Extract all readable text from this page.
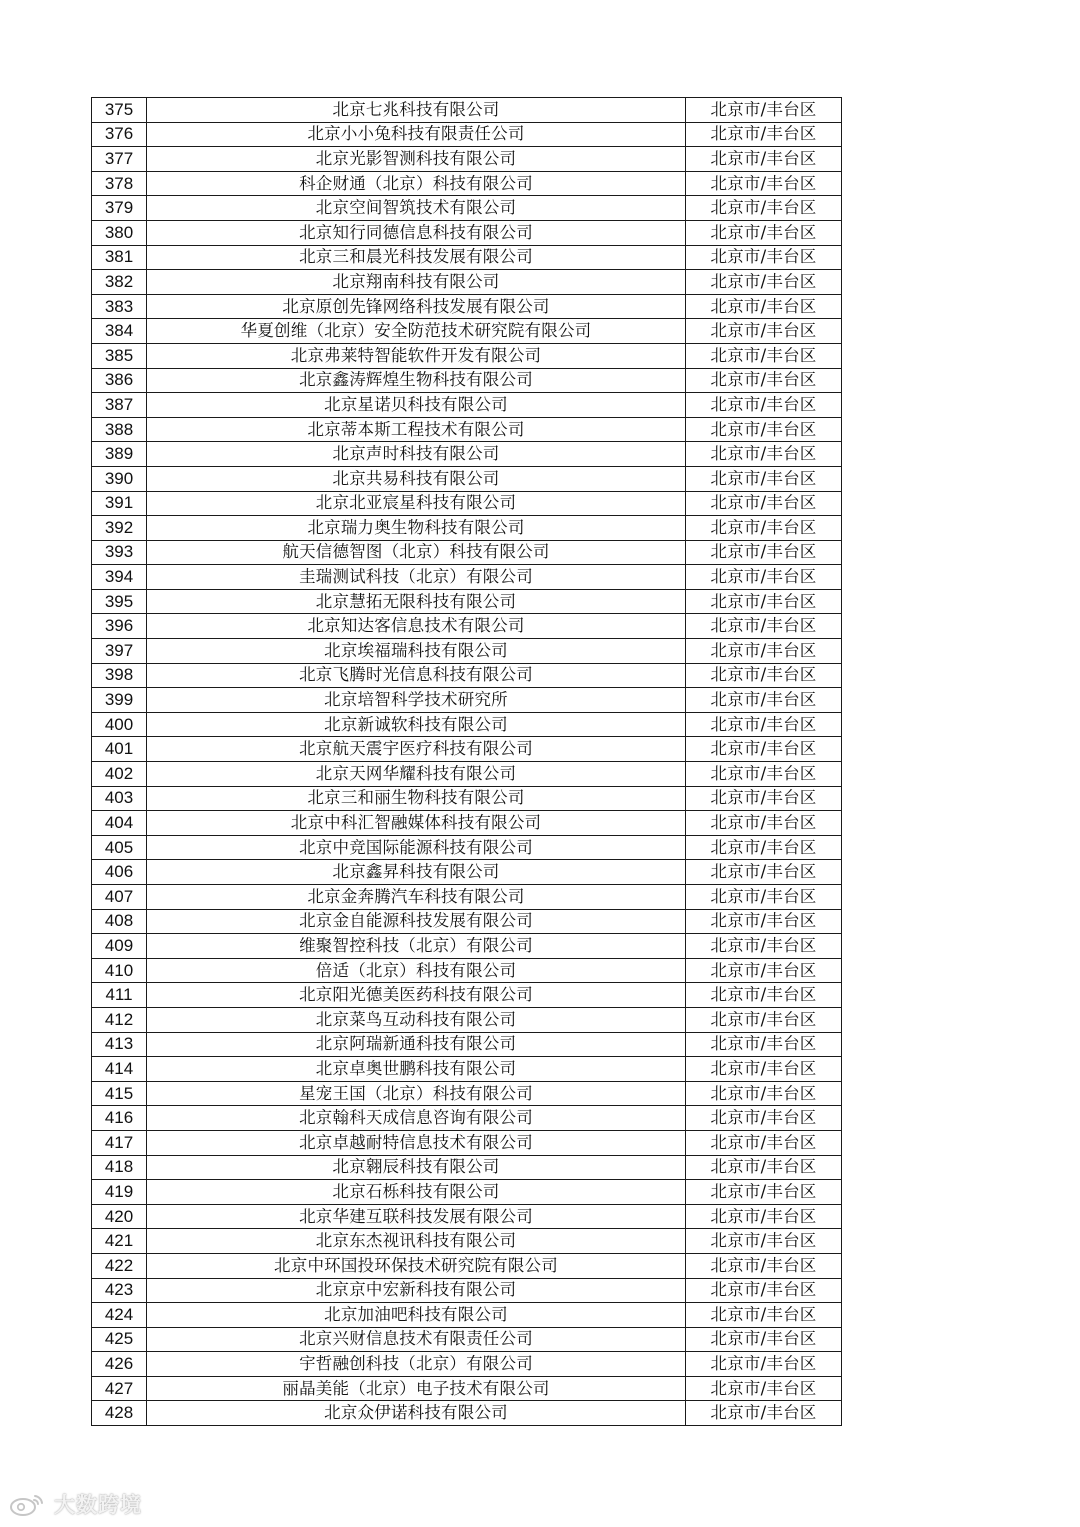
375	北京七兆科技有限公司	北京市/丰台区
376	北京小小兔科技有限责任公司	北京市/丰台区
377	北京光影智测科技有限公司	北京市/丰台区
378	科企财通（北京）科技有限公司	北京市/丰台区
379	北京空间智筑技术有限公司	北京市/丰台区
380	北京知行同德信息科技有限公司	北京市/丰台区
381	北京三和晨光科技发展有限公司	北京市/丰台区
382	北京翔南科技有限公司	北京市/丰台区
383	北京原创先锋网络科技发展有限公司	北京市/丰台区
384	华夏创维（北京）安全防范技术研究院有限公司	北京市/丰台区
385	北京弗莱特智能软件开发有限公司	北京市/丰台区
386	北京鑫涛辉煌生物科技有限公司	北京市/丰台区
387	北京星诺贝科技有限公司	北京市/丰台区
388	北京蒂本斯工程技术有限公司	北京市/丰台区
389	北京声时科技有限公司	北京市/丰台区
390	北京共易科技有限公司	北京市/丰台区
391	北京北亚宸星科技有限公司	北京市/丰台区
392	北京瑞力奥生物科技有限公司	北京市/丰台区
393	航天信德智图（北京）科技有限公司	北京市/丰台区
394	圭瑞测试科技（北京）有限公司	北京市/丰台区
395	北京慧拓无限科技有限公司	北京市/丰台区
396	北京知达客信息技术有限公司	北京市/丰台区
397	北京埃福瑞科技有限公司	北京市/丰台区
398	北京飞腾时光信息科技有限公司	北京市/丰台区
399	北京培智科学技术研究所	北京市/丰台区
400	北京新诚软科技有限公司	北京市/丰台区
401	北京航天震宇医疗科技有限公司	北京市/丰台区
402	北京天网华耀科技有限公司	北京市/丰台区
403	北京三和丽生物科技有限公司	北京市/丰台区
404	北京中科汇智融媒体科技有限公司	北京市/丰台区
405	北京中竞国际能源科技有限公司	北京市/丰台区
406	北京鑫昇科技有限公司	北京市/丰台区
407	北京金奔腾汽车科技有限公司	北京市/丰台区
408	北京金自能源科技发展有限公司	北京市/丰台区
409	维聚智控科技（北京）有限公司	北京市/丰台区
410	倍适（北京）科技有限公司	北京市/丰台区
411	北京阳光德美医药科技有限公司	北京市/丰台区
412	北京菜鸟互动科技有限公司	北京市/丰台区
413	北京阿瑞新通科技有限公司	北京市/丰台区
414	北京卓奥世鹏科技有限公司	北京市/丰台区
415	星宠王国（北京）科技有限公司	北京市/丰台区
416	北京翰科天成信息咨询有限公司	北京市/丰台区
417	北京卓越耐特信息技术有限公司	北京市/丰台区
418	北京翱辰科技有限公司	北京市/丰台区
419	北京石栎科技有限公司	北京市/丰台区
420	北京华建互联科技发展有限公司	北京市/丰台区
421	北京东杰视讯科技有限公司	北京市/丰台区
422	北京中环国投环保技术研究院有限公司	北京市/丰台区
423	北京京中宏新科技有限公司	北京市/丰台区
424	北京加油吧科技有限公司	北京市/丰台区
425	北京兴财信息技术有限责任公司	北京市/丰台区
426	宇哲融创科技（北京）有限公司	北京市/丰台区
427	丽晶美能（北京）电子技术有限公司	北京市/丰台区
428	北京众伊诺科技有限公司	北京市/丰台区
大数跨境
